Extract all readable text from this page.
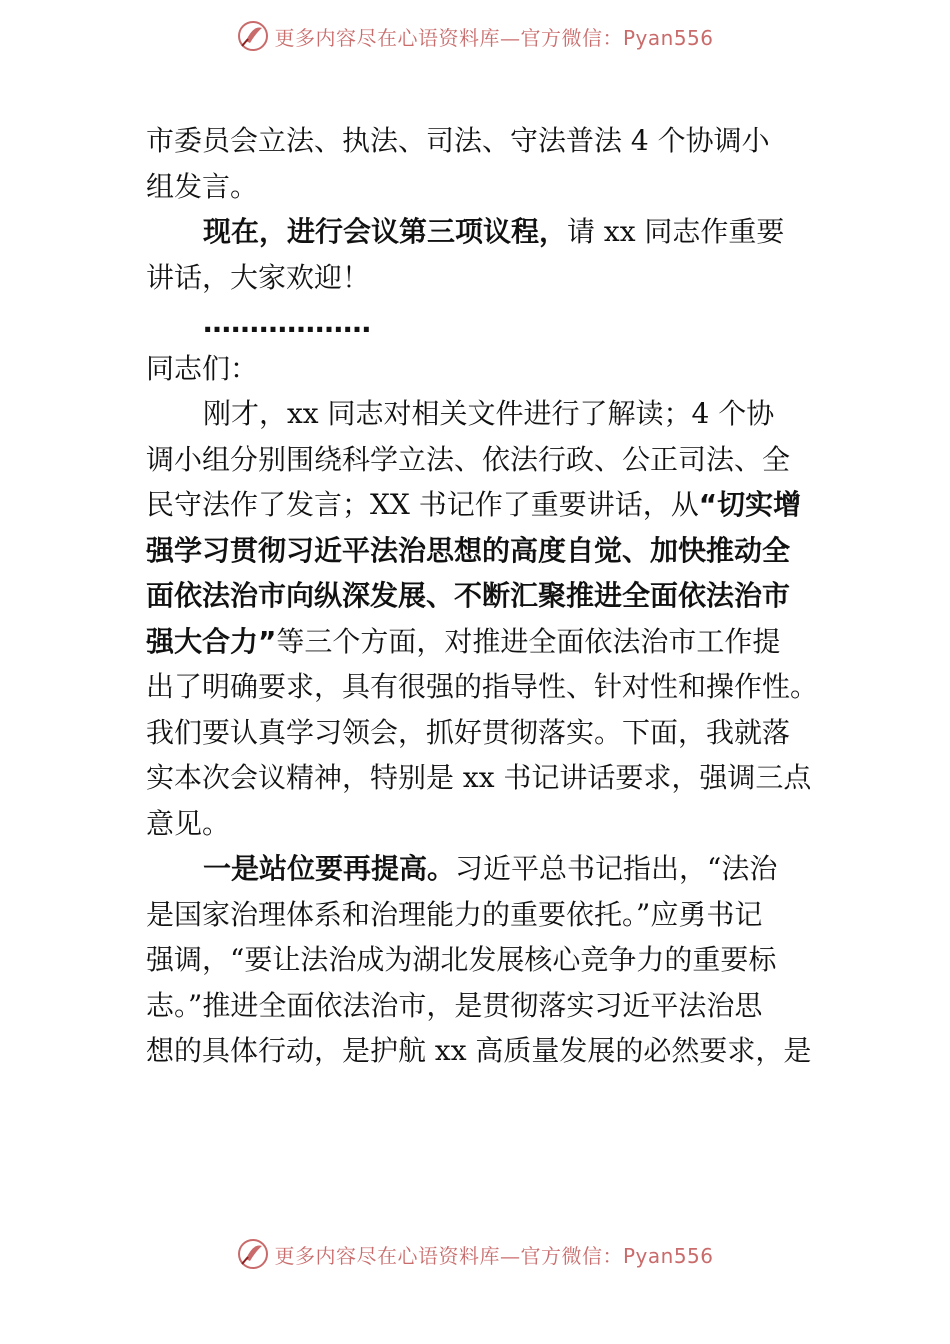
更多内容尽在心语资料库—官方微信：Pyan556
市委员会立法、执法、司法、守法普法 4 个协调小
组发言。
现在，进行会议第三项议程，请 xx 同志作重要
讲话，大家欢迎！
………………
同志们：
刚才，xx 同志对相关文件进行了解读；4 个协
调小组分别围绕科学立法、依法行政、公正司法、全
民守法作了发言；XX 书记作了重要讲话，从“切实增
强学习贯彻习近平法治思想的高度自觉、加快推动全
面依法治市向纵深发展、不断汇聚推进全面依法治市
强大合力”等三个方面，对推进全面依法治市工作提
出了明确要求，具有很强的指导性、针对性和操作性。
我们要认真学习领会，抓好贯彻落实。下面，我就落
实本次会议精神，特别是 xx 书记讲话要求，强调三点
意见。
一是站位要再提高。习近平总书记指出，“法治
是国家治理体系和治理能力的重要依托。”应勇书记
强调，“要让法治成为湖北发展核心竞争力的重要标
志。”推进全面依法治市，是贯彻落实习近平法治思
想的具体行动，是护航 xx 高质量发展的必然要求，是
更多内容尽在心语资料库—官方微信：Pyan556
